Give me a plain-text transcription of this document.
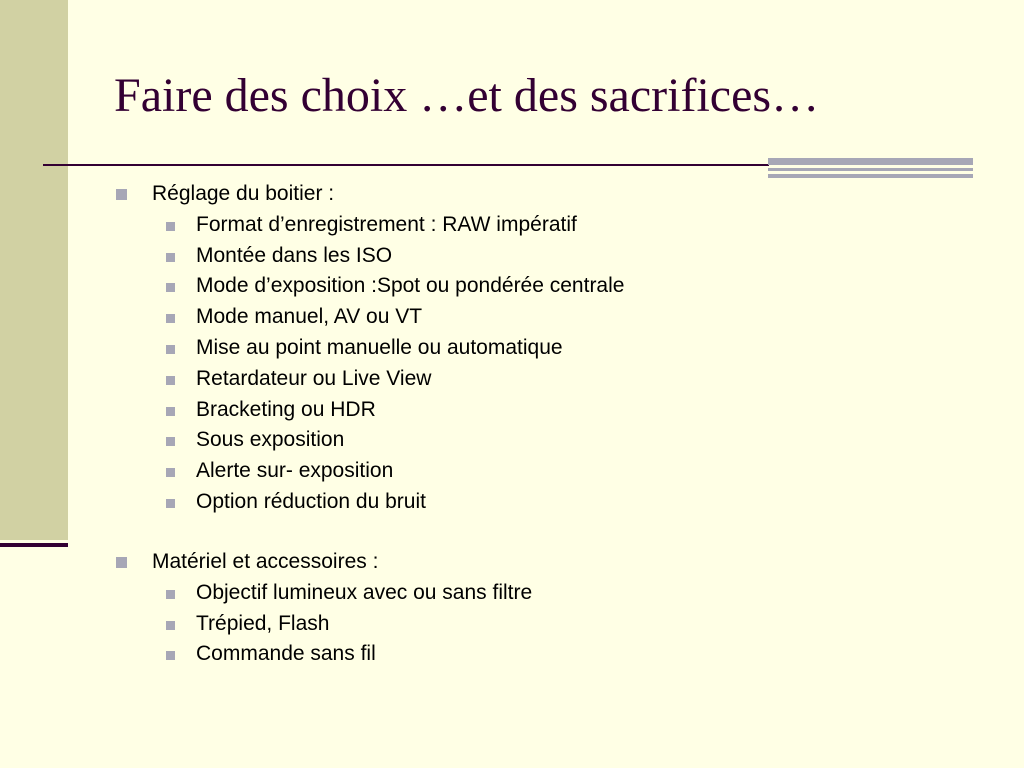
Faire des choix …et des sacrifices…
Réglage du boitier :
Format d’enregistrement : RAW impératif
Montée dans les ISO
Mode d’exposition :Spot ou pondérée centrale
Mode manuel, AV ou VT
Mise au point manuelle ou automatique
Retardateur ou Live View
Bracketing ou HDR
Sous exposition
Alerte sur- exposition
Option réduction du bruit
Matériel et accessoires :
Objectif lumineux avec ou sans filtre
Trépied, Flash
Commande sans fil
